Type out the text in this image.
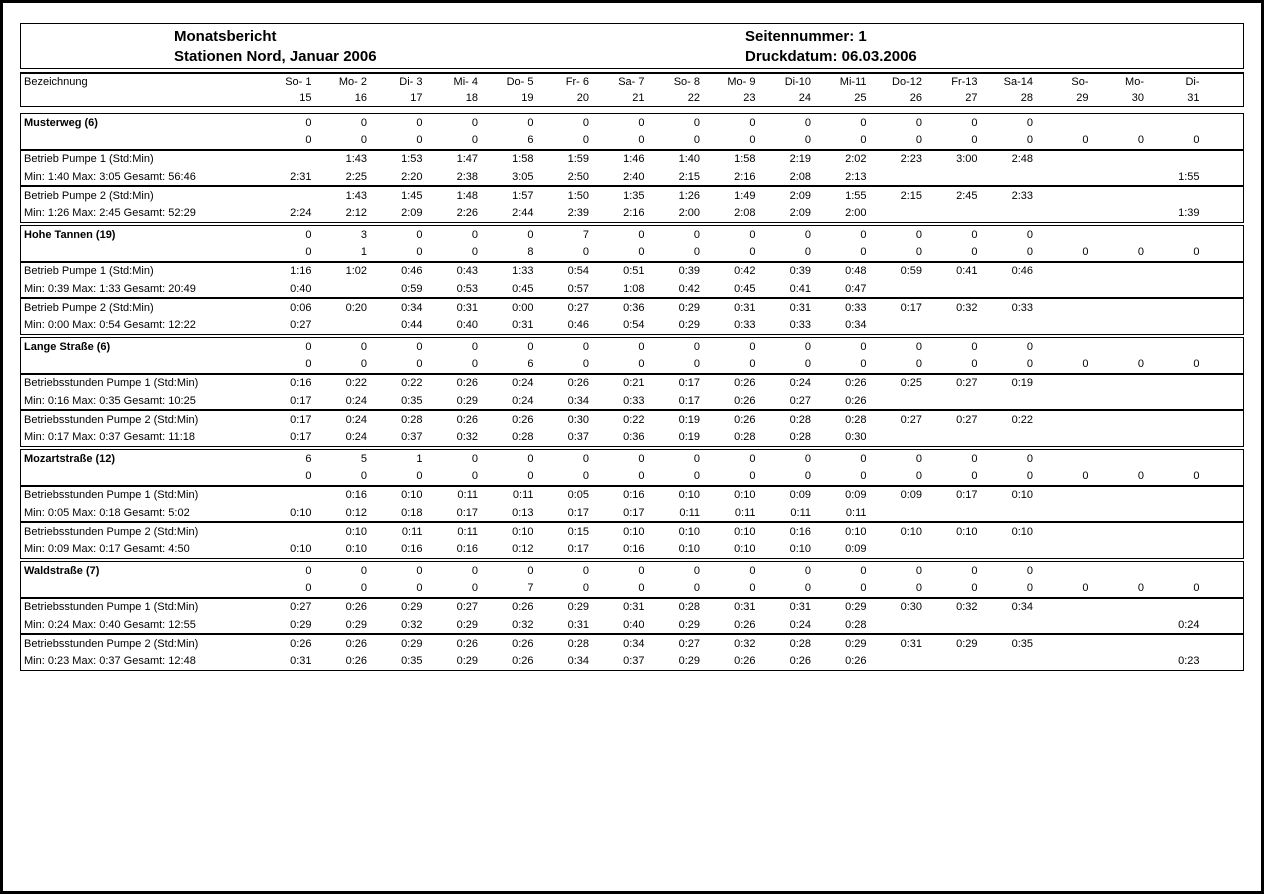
Monatsbericht
Stationen Nord, Januar 2006
Seitennummer: 1
Druckdatum: 06.03.2006
Bezeichnung	So- 1	Mo- 2	Di- 3	Mi- 4	Do- 5	Fr- 6	Sa- 7	So- 8	Mo- 9	Di-10	Mi-11	Do-12	Fr-13	Sa-14	So-	Mo-	Di-	
	15	16	17	18	19	20	21	22	23	24	25	26	27	28	29	30	31	
Musterweg (6)	0	0	0	0	0	0	0	0	0	0	0	0	0	0				
	0	0	0	0	6	0	0	0	0	0	0	0	0	0	0	0	0	
Betrieb Pumpe 1 (Std:Min)		1:43	1:53	1:47	1:58	1:59	1:46	1:40	1:58	2:19	2:02	2:23	3:00	2:48				
Min: 1:40 Max: 3:05 Gesamt: 56:46	2:31	2:25	2:20	2:38	3:05	2:50	2:40	2:15	2:16	2:08	2:13						1:55	
Betrieb Pumpe 2 (Std:Min)		1:43	1:45	1:48	1:57	1:50	1:35	1:26	1:49	2:09	1:55	2:15	2:45	2:33				
Min: 1:26 Max: 2:45 Gesamt: 52:29	2:24	2:12	2:09	2:26	2:44	2:39	2:16	2:00	2:08	2:09	2:00						1:39	
Hohe Tannen (19)	0	3	0	0	0	7	0	0	0	0	0	0	0	0				
	0	1	0	0	8	0	0	0	0	0	0	0	0	0	0	0	0	
Betrieb Pumpe 1 (Std:Min)	1:16	1:02	0:46	0:43	1:33	0:54	0:51	0:39	0:42	0:39	0:48	0:59	0:41	0:46				
Min: 0:39 Max: 1:33 Gesamt: 20:49	0:40		0:59	0:53	0:45	0:57	1:08	0:42	0:45	0:41	0:47							
Betrieb Pumpe 2 (Std:Min)	0:06	0:20	0:34	0:31	0:00	0:27	0:36	0:29	0:31	0:31	0:33	0:17	0:32	0:33				
Min: 0:00 Max: 0:54 Gesamt: 12:22	0:27		0:44	0:40	0:31	0:46	0:54	0:29	0:33	0:33	0:34							
Lange Straße (6)	0	0	0	0	0	0	0	0	0	0	0	0	0	0				
	0	0	0	0	6	0	0	0	0	0	0	0	0	0	0	0	0	
Betriebsstunden Pumpe 1 (Std:Min)	0:16	0:22	0:22	0:26	0:24	0:26	0:21	0:17	0:26	0:24	0:26	0:25	0:27	0:19				
Min: 0:16 Max: 0:35 Gesamt: 10:25	0:17	0:24	0:35	0:29	0:24	0:34	0:33	0:17	0:26	0:27	0:26							
Betriebsstunden Pumpe 2 (Std:Min)	0:17	0:24	0:28	0:26	0:26	0:30	0:22	0:19	0:26	0:28	0:28	0:27	0:27	0:22				
Min: 0:17 Max: 0:37 Gesamt: 11:18	0:17	0:24	0:37	0:32	0:28	0:37	0:36	0:19	0:28	0:28	0:30							
Mozartstraße (12)	6	5	1	0	0	0	0	0	0	0	0	0	0	0				
	0	0	0	0	0	0	0	0	0	0	0	0	0	0	0	0	0	
Betriebsstunden Pumpe 1 (Std:Min)		0:16	0:10	0:11	0:11	0:05	0:16	0:10	0:10	0:09	0:09	0:09	0:17	0:10				
Min: 0:05 Max: 0:18 Gesamt: 5:02	0:10	0:12	0:18	0:17	0:13	0:17	0:17	0:11	0:11	0:11	0:11							
Betriebsstunden Pumpe 2 (Std:Min)		0:10	0:11	0:11	0:10	0:15	0:10	0:10	0:10	0:16	0:10	0:10	0:10	0:10				
Min: 0:09 Max: 0:17 Gesamt: 4:50	0:10	0:10	0:16	0:16	0:12	0:17	0:16	0:10	0:10	0:10	0:09							
Waldstraße (7)	0	0	0	0	0	0	0	0	0	0	0	0	0	0				
	0	0	0	0	7	0	0	0	0	0	0	0	0	0	0	0	0	
Betriebsstunden Pumpe 1 (Std:Min)	0:27	0:26	0:29	0:27	0:26	0:29	0:31	0:28	0:31	0:31	0:29	0:30	0:32	0:34				
Min: 0:24 Max: 0:40 Gesamt: 12:55	0:29	0:29	0:32	0:29	0:32	0:31	0:40	0:29	0:26	0:24	0:28						0:24	
Betriebsstunden Pumpe 2 (Std:Min)	0:26	0:26	0:29	0:26	0:26	0:28	0:34	0:27	0:32	0:28	0:29	0:31	0:29	0:35				
Min: 0:23 Max: 0:37 Gesamt: 12:48	0:31	0:26	0:35	0:29	0:26	0:34	0:37	0:29	0:26	0:26	0:26						0:23	
